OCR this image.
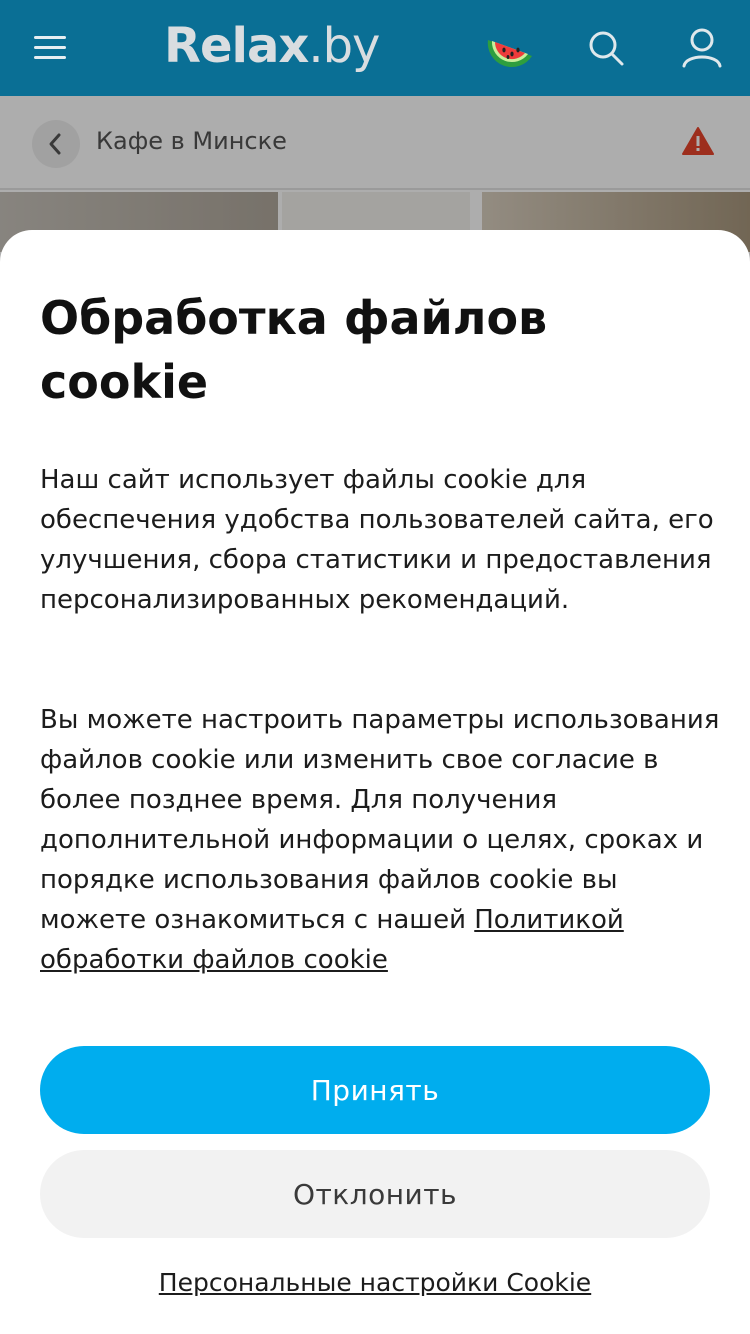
Relax.by
Кафе в Минске
Обработка файлов cookie
Наш сайт использует файлы cookie для обеспечения удобства пользователей сайта, его улучшения, сбора статистики и предоставления персонализированных рекомендаций.
Вы можете настроить параметры использования файлов cookie или изменить свое согласие в более позднее время. Для получения дополнительной информации о целях, сроках и порядке использования файлов cookie вы можете ознакомиться с нашей Политикой обработки файлов cookie
Принять
Отклонить
Персональные настройки Cookie
